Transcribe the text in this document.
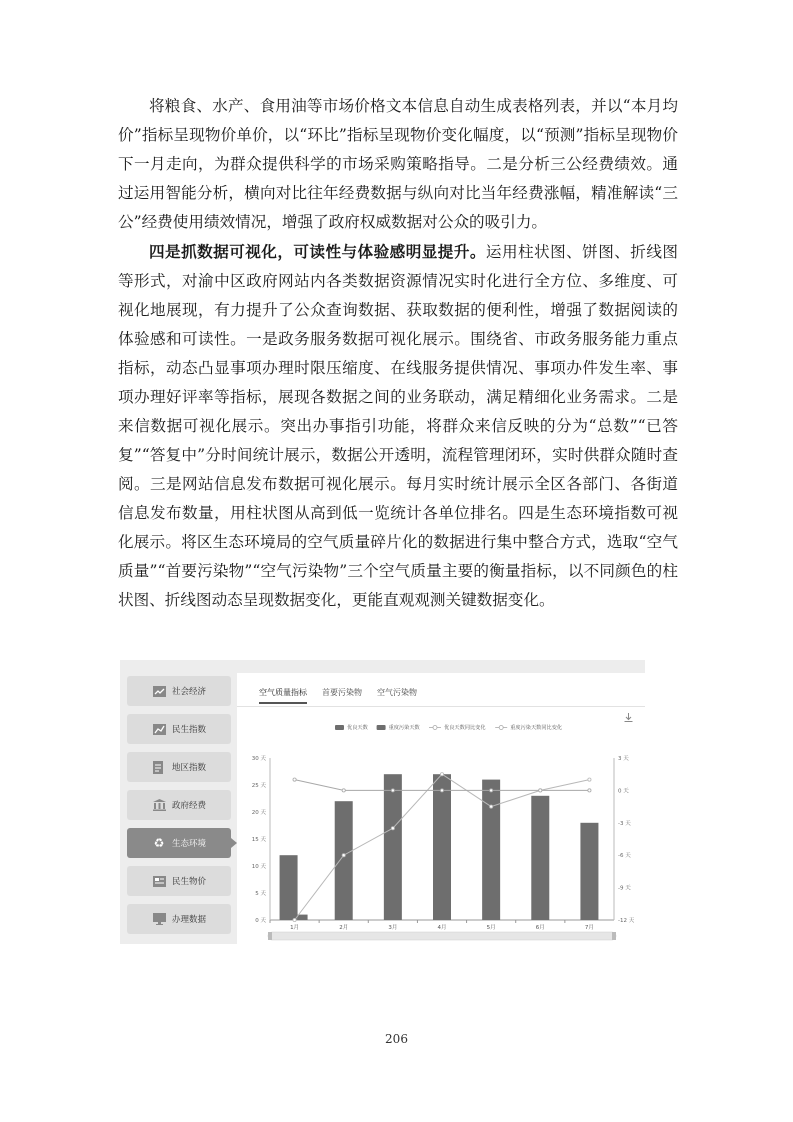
将粮食、水产、食用油等市场价格文本信息自动生成表格列表，并以“本月均价”指标呈现物价单价，以“环比”指标呈现物价变化幅度，以“预测”指标呈现物价下一月走向，为群众提供科学的市场采购策略指导。二是分析三公经费绩效。通过运用智能分析，横向对比往年经费数据与纵向对比当年经费涨幅，精准解读“三公”经费使用绩效情况，增强了政府权威数据对公众的吸引力。

四是抓数据可视化，可读性与体验感明显提升。运用柱状图、饼图、折线图等形式，对渝中区政府网站内各类数据资源情况实时化进行全方位、多维度、可视化地展现，有力提升了公众查询数据、获取数据的便利性，增强了数据阅读的体验感和可读性。一是政务服务数据可视化展示。围绕省、市政务服务能力重点指标，动态凸显事项办理时限压缩度、在线服务提供情况、事项办件发生率、事项办理好评率等指标，展现各数据之间的业务联动，满足精细化业务需求。二是来信数据可视化展示。突出办事指引功能，将群众来信反映的分为“总数”“已答复”“答复中”分时间统计展示，数据公开透明，流程管理闭环，实时供群众随时查阅。三是网站信息发布数据可视化展示。每月实时统计展示全区各部门、各街道信息发布数量，用柱状图从高到低一览统计各单位排名。四是生态环境指数可视化展示。将区生态环境局的空气质量碎片化的数据进行集中整合方式，选取“空气质量”“首要污染物”“空气污染物”三个空气质量主要的衡量指标，以不同颜色的柱状图、折线图动态呈现数据变化，更能直观观测关键数据变化。

社会经济
民生指数
地区指数
政府经费
♻ 生态环境
民生物价
办理数据
空气质量指标 首要污染物 空气污染物
30 天
25 天
20 天
15 天
10 天
5 天
0 天
3 天
0 天
-3 天
-6 天
-9 天
-12 天
1月	2月	3月	4月	5月	6月	7月
优良天数	重度污染天数	优良天数同比变化	重度污染天数同比变化
206
